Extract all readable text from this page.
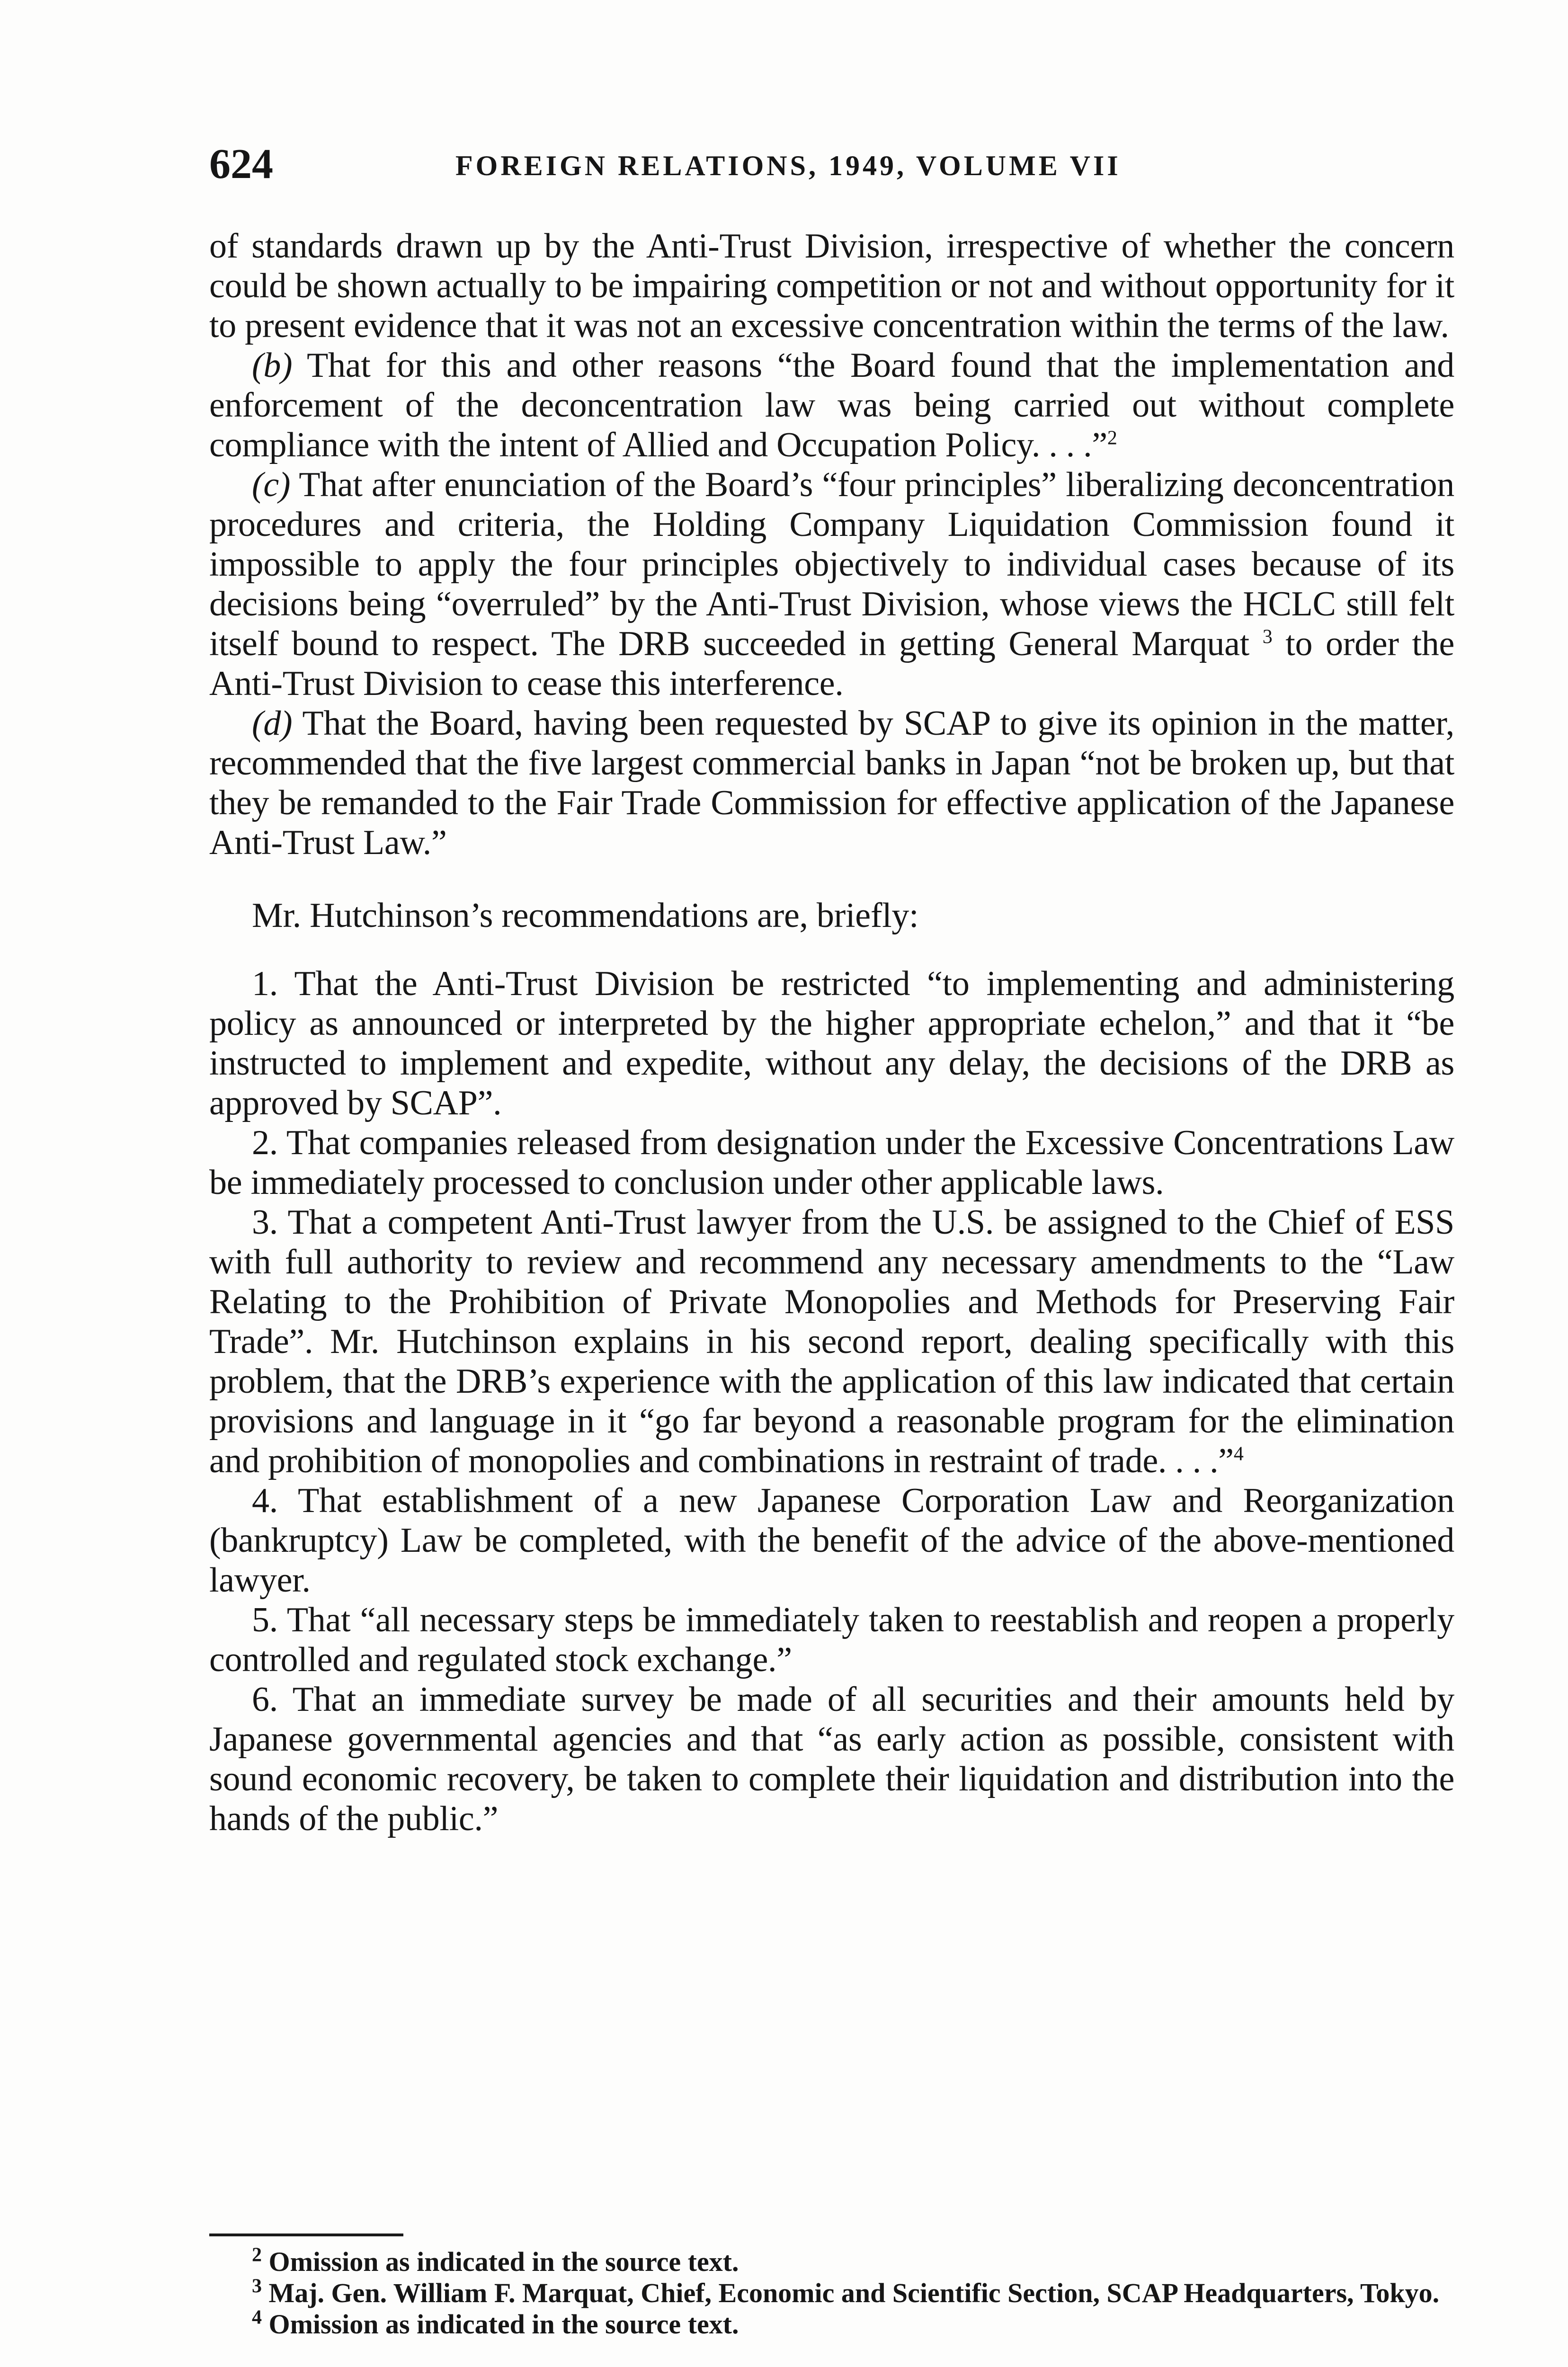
624	FOREIGN RELATIONS, 1949, VOLUME VII

of standards drawn up by the Anti-Trust Division, irrespective of whether the concern could be shown actually to be impairing competition or not and without opportunity for it to present evidence that it was not an excessive concentration within the terms of the law.

(b) That for this and other reasons “the Board found that the implementation and enforcement of the deconcentration law was being carried out without complete compliance with the intent of Allied and Occupation Policy. . . .”$^2$

(c) That after enunciation of the Board’s “four principles” liberalizing deconcentration procedures and criteria, the Holding Company Liquidation Commission found it impossible to apply the four principles objectively to individual cases because of its decisions being “overruled” by the Anti-Trust Division, whose views the HCLC still felt itself bound to respect. The DRB succeeded in getting General Marquat $^3$ to order the Anti-Trust Division to cease this interference.

(d) That the Board, having been requested by SCAP to give its opinion in the matter, recommended that the five largest commercial banks in Japan “not be broken up, but that they be remanded to the Fair Trade Commission for effective application of the Japanese Anti-Trust Law.”

Mr. Hutchinson’s recommendations are, briefly:

1. That the Anti-Trust Division be restricted “to implementing and administering policy as announced or interpreted by the higher appropriate echelon,” and that it “be instructed to implement and expedite, without any delay, the decisions of the DRB as approved by SCAP”.

2. That companies released from designation under the Excessive Concentrations Law be immediately processed to conclusion under other applicable laws.

3. That a competent Anti-Trust lawyer from the U.S. be assigned to the Chief of ESS with full authority to review and recommend any necessary amendments to the “Law Relating to the Prohibition of Private Monopolies and Methods for Preserving Fair Trade”. Mr. Hutchinson explains in his second report, dealing specifically with this problem, that the DRB’s experience with the application of this law indicated that certain provisions and language in it “go far beyond a reasonable program for the elimination and prohibition of monopolies and combinations in restraint of trade. . . .”$^4$

4. That establishment of a new Japanese Corporation Law and Reorganization (bankruptcy) Law be completed, with the benefit of the advice of the above-mentioned lawyer.

5. That “all necessary steps be immediately taken to reestablish and reopen a properly controlled and regulated stock exchange.”

6. That an immediate survey be made of all securities and their amounts held by Japanese governmental agencies and that “as early action as possible, consistent with sound economic recovery, be taken to complete their liquidation and distribution into the hands of the public.”

$^2$ Omission as indicated in the source text.

$^3$ Maj. Gen. William F. Marquat, Chief, Economic and Scientific Section, SCAP Headquarters, Tokyo.

$^4$ Omission as indicated in the source text.
